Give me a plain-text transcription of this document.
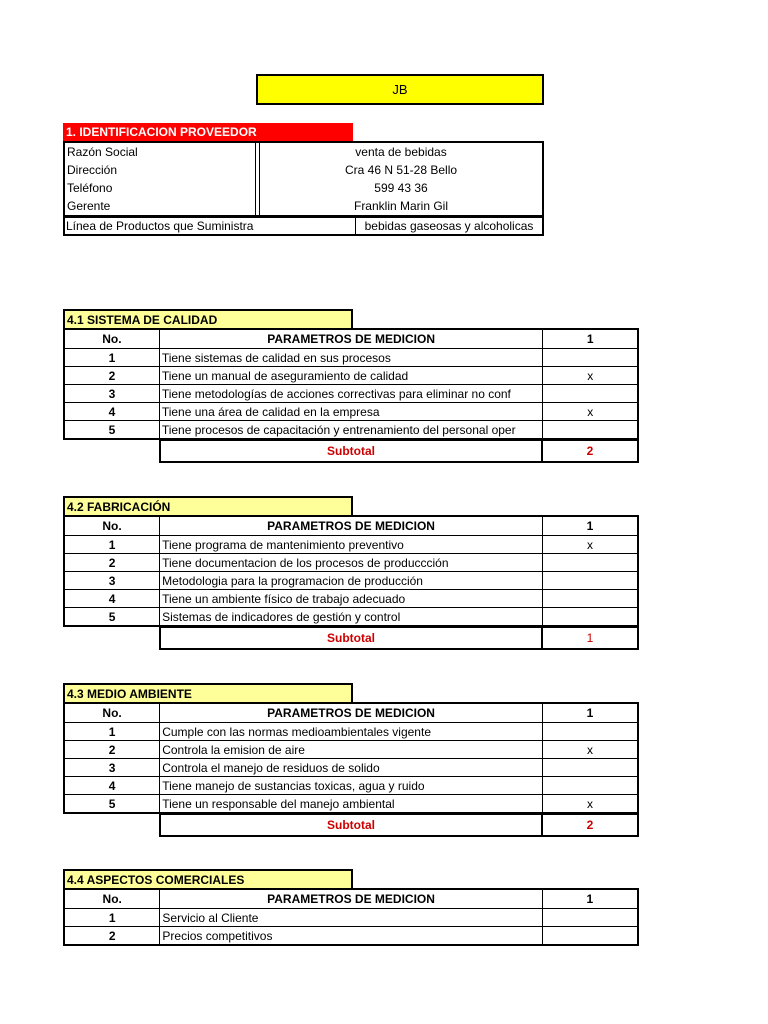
JB
1. IDENTIFICACION PROVEEDOR
Razón Social	venta de bebidas
Dirección	Cra 46 N 51-28 Bello
Teléfono	599 43 36
Gerente	Franklin Marin Gil
Línea de Productos que Suministra	bebidas gaseosas y alcoholicas
4.1 SISTEMA DE CALIDAD
No.	PARAMETROS DE MEDICION	1
1	Tiene sistemas de calidad en sus procesos	
2	Tiene un manual de aseguramiento de calidad	x
3	Tiene metodologías de acciones correctivas para eliminar no conf	
4	Tiene una área de calidad en la empresa	x
5	Tiene procesos de capacitación y entrenamiento del personal oper	
Subtotal	2
4.2 FABRICACIÓN
No.	PARAMETROS DE MEDICION	1
1	Tiene programa de mantenimiento preventivo	x
2	Tiene documentacion de los procesos de produccción	
3	Metodologia para la programacion de producción	
4	Tiene un ambiente físico de trabajo adecuado	
5	Sistemas de indicadores de gestión y control	
Subtotal	1
4.3 MEDIO AMBIENTE
No.	PARAMETROS DE MEDICION	1
1	Cumple con las normas medioambientales vigente	
2	Controla la emision de aire	x
3	Controla el manejo de residuos de solido	
4	Tiene manejo de sustancias toxicas, agua y ruido	
5	Tiene un responsable del manejo ambiental	x
Subtotal	2
4.4 ASPECTOS COMERCIALES
No.	PARAMETROS DE MEDICION	1
1	Servicio al Cliente	
2	Precios competitivos	
